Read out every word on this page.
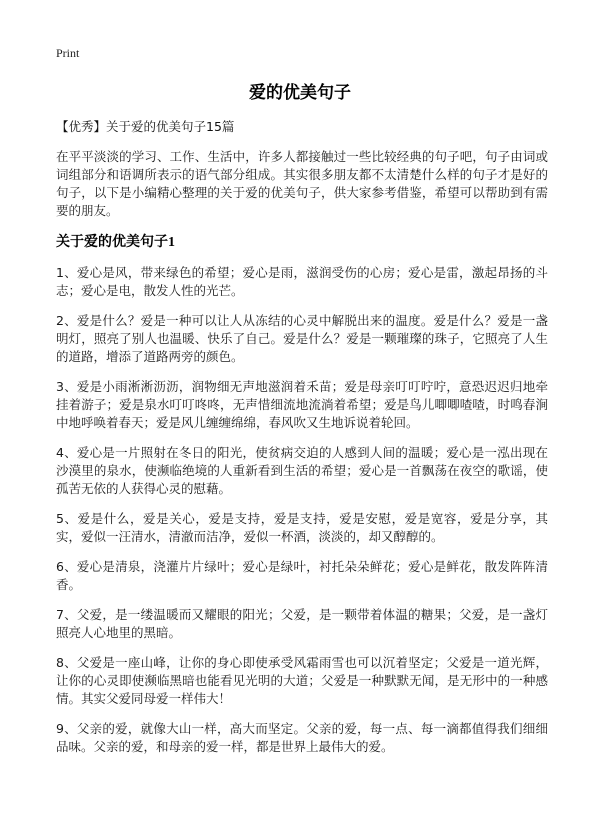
Print
爱的优美句子

【优秀】关于爱的优美句子15篇

在平平淡淡的学习、工作、生活中，许多人都接触过一些比较经典的句子吧，句子由词或词组部分和语调所表示的语气部分组成。其实很多朋友都不太清楚什么样的句子才是好的句子，以下是小编精心整理的关于爱的优美句子，供大家参考借鉴，希望可以帮助到有需要的朋友。

关于爱的优美句子1

1、爱心是风，带来绿色的希望；爱心是雨，滋润受伤的心房；爱心是雷，激起昂扬的斗志；爱心是电，散发人性的光芒。

2、爱是什么？爱是一种可以让人从冻结的心灵中解脱出来的温度。爱是什么？爱是一盏明灯，照亮了别人也温暖、快乐了自己。爱是什么？爱是一颗璀璨的珠子，它照亮了人生的道路，增添了道路两旁的颜色。

3、爱是小雨淅淅沥沥，润物细无声地滋润着禾苗；爱是母亲叮叮咛咛，意恐迟迟归地牵挂着游子；爱是泉水叮叮咚咚，无声惜细流地流淌着希望；爱是鸟儿唧唧喳喳，时鸣春涧中地呼唤着春天；爱是风儿缠缠绵绵，春风吹又生地诉说着轮回。

4、爱心是一片照射在冬日的阳光，使贫病交迫的人感到人间的温暖；爱心是一泓出现在沙漠里的泉水，使濒临绝境的人重新看到生活的希望；爱心是一首飘荡在夜空的歌谣，使孤苦无依的人获得心灵的慰藉。

5、爱是什么，爱是关心，爱是支持，爱是支持，爱是安慰，爱是宽容，爱是分享，其实，爱似一汪清水，清澈而洁净，爱似一杯酒，淡淡的，却又醇醇的。

6、爱心是清泉，浇灌片片绿叶；爱心是绿叶，衬托朵朵鲜花；爱心是鲜花，散发阵阵清香。

7、父爱，是一缕温暖而又耀眼的阳光；父爱，是一颗带着体温的糖果；父爱，是一盏灯照亮人心地里的黑暗。

8、父爱是一座山峰，让你的身心即使承受风霜雨雪也可以沉着坚定；父爱是一道光辉，让你的心灵即使濒临黑暗也能看见光明的大道；父爱是一种默默无闻，是无形中的一种感情。其实父爱同母爱一样伟大！

9、父亲的爱，就像大山一样，高大而坚定。父亲的爱，每一点、每一滴都值得我们细细品味。父亲的爱，和母亲的爱一样，都是世界上最伟大的爱。
